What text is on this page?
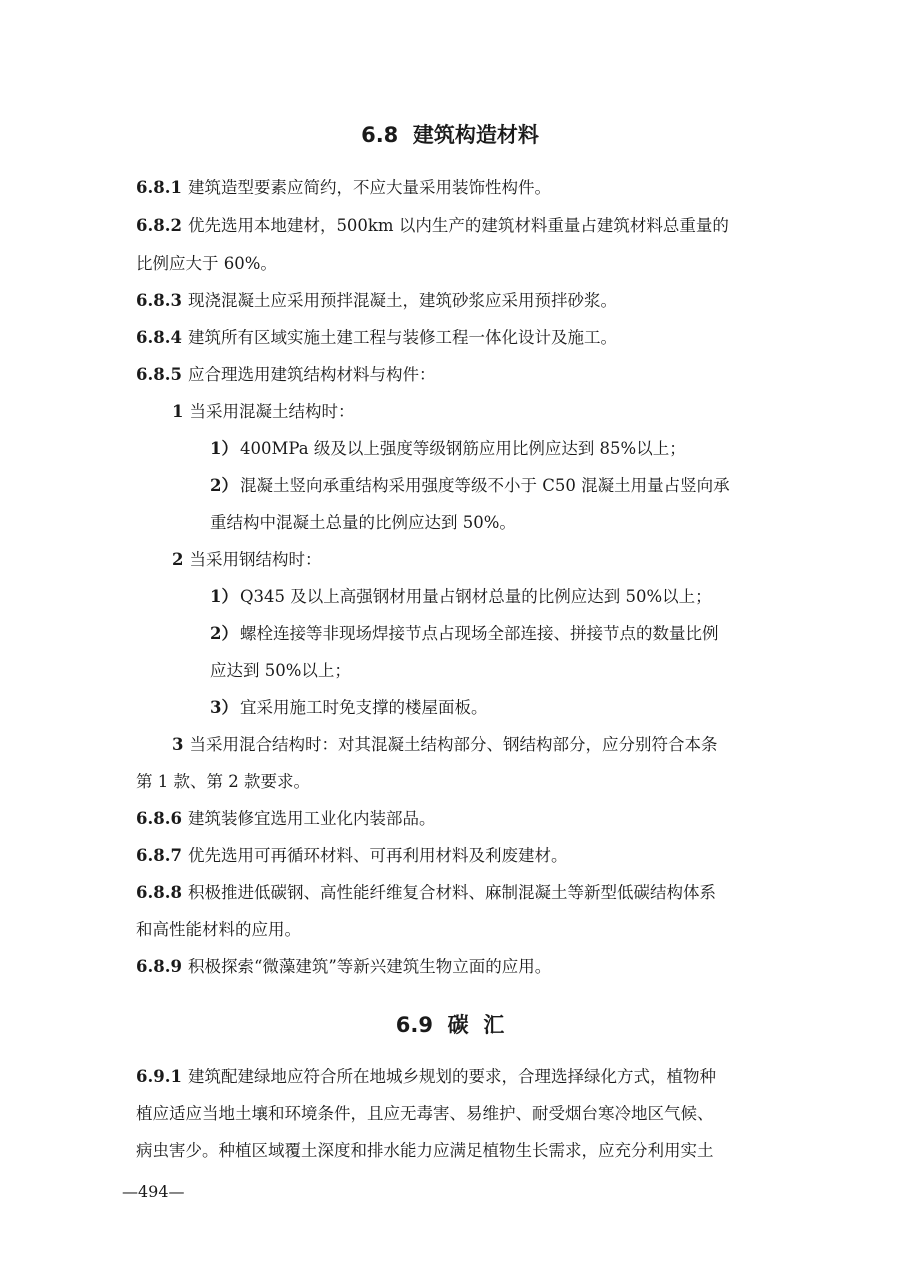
6.8 建筑构造材料
6.8.1 建筑造型要素应简约，不应大量采用装饰性构件。
6.8.2 优先选用本地建材，500km 以内生产的建筑材料重量占建筑材料总重量的
比例应大于 60%。
6.8.3 现浇混凝土应采用预拌混凝土，建筑砂浆应采用预拌砂浆。
6.8.4 建筑所有区域实施土建工程与装修工程一体化设计及施工。
6.8.5 应合理选用建筑结构材料与构件：
1 当采用混凝土结构时：
1） 400MPa 级及以上强度等级钢筋应用比例应达到 85%以上；
2） 混凝土竖向承重结构采用强度等级不小于 C50 混凝土用量占竖向承
重结构中混凝土总量的比例应达到 50%。
2 当采用钢结构时：
1） Q345 及以上高强钢材用量占钢材总量的比例应达到 50%以上；
2） 螺栓连接等非现场焊接节点占现场全部连接、拼接节点的数量比例
应达到 50%以上；
3） 宜采用施工时免支撑的楼屋面板。
3 当采用混合结构时：对其混凝土结构部分、钢结构部分，应分别符合本条
第 1 款、第 2 款要求。
6.8.6 建筑装修宜选用工业化内装部品。
6.8.7 优先选用可再循环材料、可再利用材料及利废建材。
6.8.8 积极推进低碳钢、高性能纤维复合材料、麻制混凝土等新型低碳结构体系
和高性能材料的应用。
6.8.9 积极探索“微藻建筑”等新兴建筑生物立面的应用。
6.9 碳  汇
6.9.1 建筑配建绿地应符合所在地城乡规划的要求，合理选择绿化方式，植物种
植应适应当地土壤和环境条件，且应无毒害、易维护、耐受烟台寒冷地区气候、
病虫害少。种植区域覆土深度和排水能力应满足植物生长需求，应充分利用实土
—494—
